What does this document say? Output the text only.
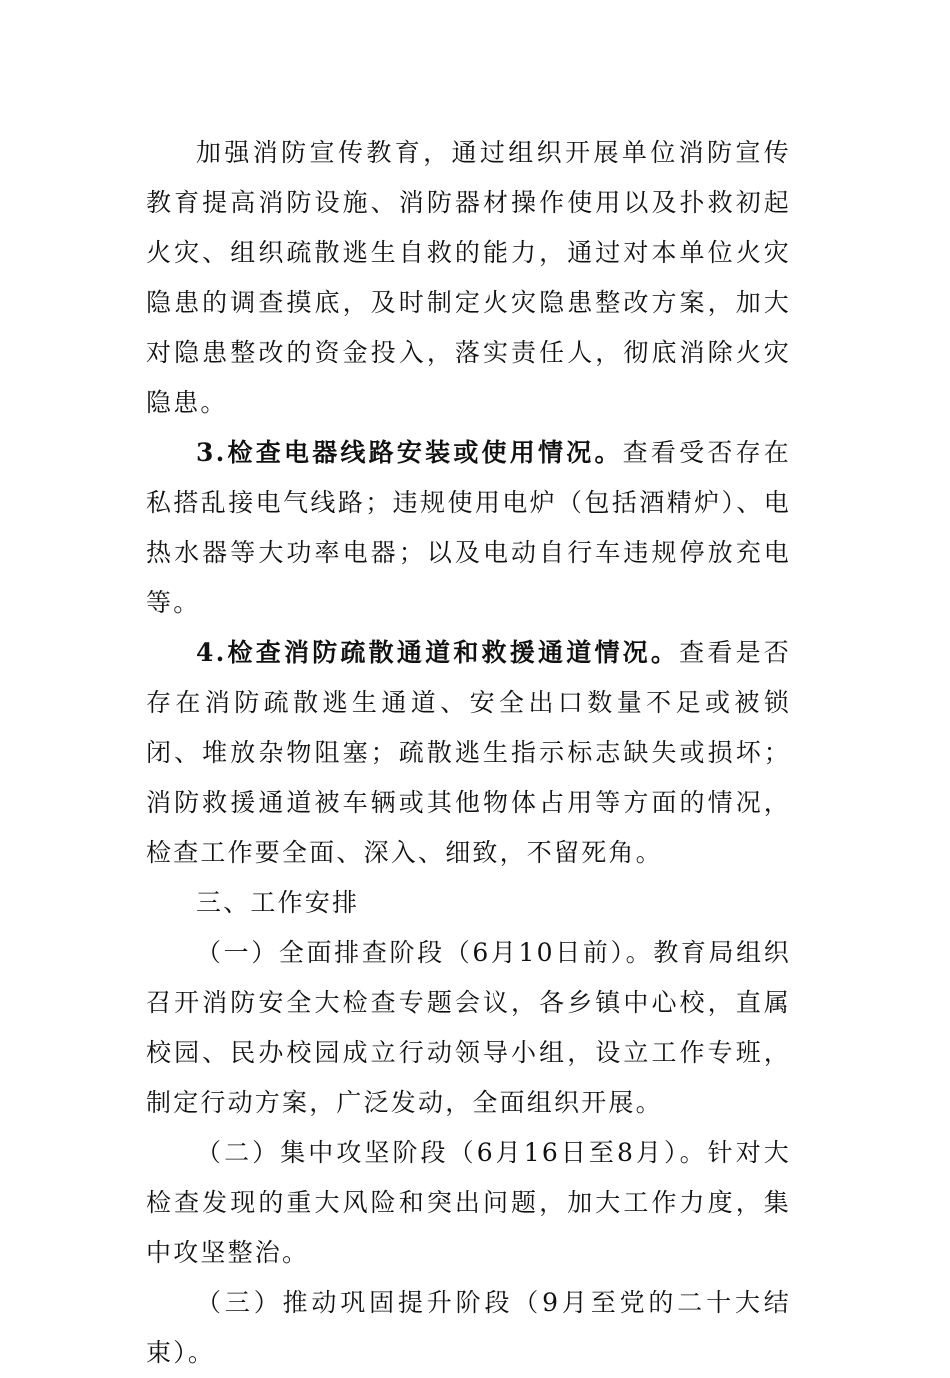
加强消防宣传教育，通过组织开展单位消防宣传教育提高消防设施、消防器材操作使用以及扑救初起火灾、组织疏散逃生自救的能力，通过对本单位火灾隐患的调查摸底，及时制定火灾隐患整改方案，加大对隐患整改的资金投入，落实责任人，彻底消除火灾隐患。

3.检查电器线路安装或使用情况。查看受否存在私搭乱接电气线路；违规使用电炉（包括酒精炉）、电热水器等大功率电器；以及电动自行车违规停放充电等。

4.检查消防疏散通道和救援通道情况。查看是否存在消防疏散逃生通道、安全出口数量不足或被锁闭、堆放杂物阻塞；疏散逃生指示标志缺失或损坏；消防救援通道被车辆或其他物体占用等方面的情况，检查工作要全面、深入、细致，不留死角。

三、工作安排

（一）全面排查阶段（6月10日前）。教育局组织召开消防安全大检查专题会议，各乡镇中心校，直属校园、民办校园成立行动领导小组，设立工作专班，制定行动方案，广泛发动，全面组织开展。

（二）集中攻坚阶段（6月16日至8月）。针对大检查发现的重大风险和突出问题，加大工作力度，集中攻坚整治。

（三）推动巩固提升阶段（9月至党的二十大结束）。
